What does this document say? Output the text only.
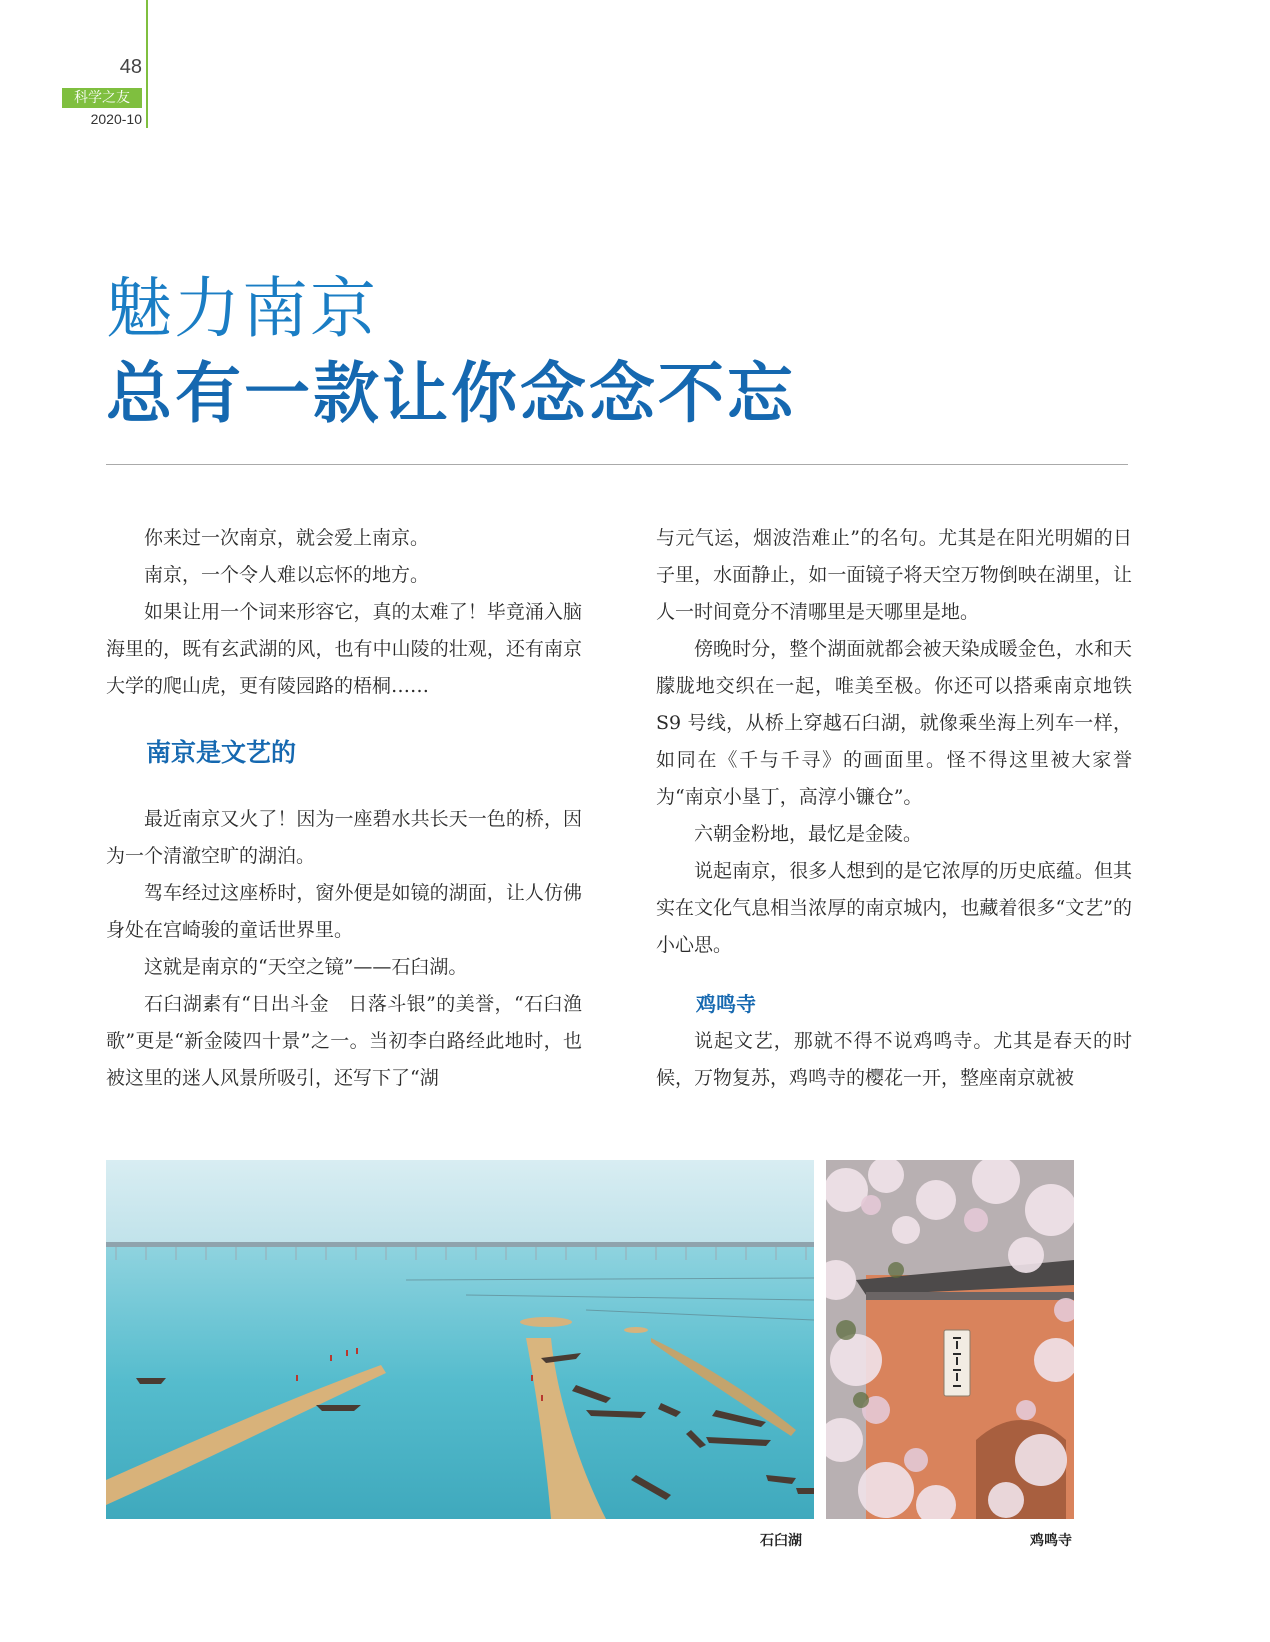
48
科学之友
2020-10
魅力南京
总有一款让你念念不忘

你来过一次南京，就会爱上南京。

南京，一个令人难以忘怀的地方。

如果让用一个词来形容它，真的太难了！毕竟涌入脑海里的，既有玄武湖的风，也有中山陵的壮观，还有南京大学的爬山虎，更有陵园路的梧桐……

南京是文艺的

最近南京又火了！因为一座碧水共长天一色的桥，因为一个清澈空旷的湖泊。

驾车经过这座桥时，窗外便是如镜的湖面，让人仿佛身处在宫崎骏的童话世界里。

这就是南京的“天空之镜”——石臼湖。

石臼湖素有“日出斗金　日落斗银”的美誉，“石臼渔歌”更是“新金陵四十景”之一。当初李白路经此地时，也被这里的迷人风景所吸引，还写下了“湖

与元气运，烟波浩难止”的名句。尤其是在阳光明媚的日子里，水面静止，如一面镜子将天空万物倒映在湖里，让人一时间竟分不清哪里是天哪里是地。

傍晚时分，整个湖面就都会被天染成暖金色，水和天朦胧地交织在一起，唯美至极。你还可以搭乘南京地铁 S9 号线，从桥上穿越石臼湖，就像乘坐海上列车一样，如同在《千与千寻》的画面里。怪不得这里被大家誉为“南京小垦丁，高淳小镰仓”。

六朝金粉地，最忆是金陵。

说起南京，很多人想到的是它浓厚的历史底蕴。但其实在文化气息相当浓厚的南京城内，也藏着很多“文艺”的小心思。

鸡鸣寺

说起文艺，那就不得不说鸡鸣寺。尤其是春天的时候，万物复苏，鸡鸣寺的樱花一开，整座南京就被

石臼湖	鸡鸣寺
